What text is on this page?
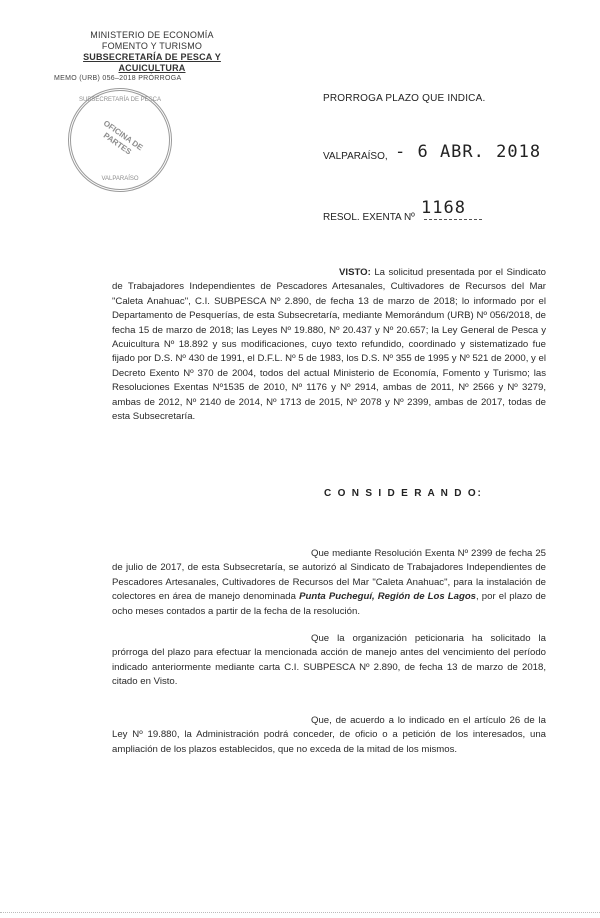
MINISTERIO DE ECONOMÍA
FOMENTO Y TURISMO
SUBSECRETARÍA DE PESCA Y ACUICULTURA
MEMO (URB) 056–2018 PRÓRROGA
SUBSECRETARÍA DE PESCA
OFICINA DE PARTES
VALPARAÍSO
PRORROGA PLAZO QUE INDICA.
VALPARAÍSO, - 6 ABR. 2018
RESOL. EXENTA Nº 1168
VISTO: La solicitud presentada por el Sindicato de Trabajadores Independientes de Pescadores Artesanales, Cultivadores de Recursos del Mar "Caleta Anahuac", C.I. SUBPESCA Nº 2.890, de fecha 13 de marzo de 2018; lo informado por el Departamento de Pesquerías, de esta Subsecretaría, mediante Memorándum (URB) Nº 056/2018, de fecha 15 de marzo de 2018; las Leyes Nº 19.880, Nº 20.437 y Nº 20.657; la Ley General de Pesca y Acuicultura Nº 18.892 y sus modificaciones, cuyo texto refundido, coordinado y sistematizado fue fijado por D.S. Nº 430 de 1991, el D.F.L. Nº 5 de 1983, los D.S. Nº 355 de 1995 y Nº 521 de 2000, y el Decreto Exento Nº 370 de 2004, todos del actual Ministerio de Economía, Fomento y Turismo; las Resoluciones Exentas Nº1535 de 2010, Nº 1176 y Nº 2914, ambas de 2011, Nº 2566 y Nº 3279, ambas de 2012, Nº 2140 de 2014, Nº 1713 de 2015, Nº 2078 y Nº 2399, ambas de 2017, todas de esta Subsecretaría.
C O N S I D E R A N D O:
Que mediante Resolución Exenta Nº 2399 de fecha 25 de julio de 2017, de esta Subsecretaría, se autorizó al Sindicato de Trabajadores Independientes de Pescadores Artesanales, Cultivadores de Recursos del Mar "Caleta Anahuac", para la instalación de colectores en área de manejo denominada Punta Pucheguí, Región de Los Lagos, por el plazo de ocho meses contados a partir de la fecha de la resolución.
Que la organización peticionaria ha solicitado la prórroga del plazo para efectuar la mencionada acción de manejo antes del vencimiento del período indicado anteriormente mediante carta C.I. SUBPESCA Nº 2.890, de fecha 13 de marzo de 2018, citado en Visto.
Que, de acuerdo a lo indicado en el artículo 26 de la Ley Nº 19.880, la Administración podrá conceder, de oficio o a petición de los interesados, una ampliación de los plazos establecidos, que no exceda de la mitad de los mismos.
